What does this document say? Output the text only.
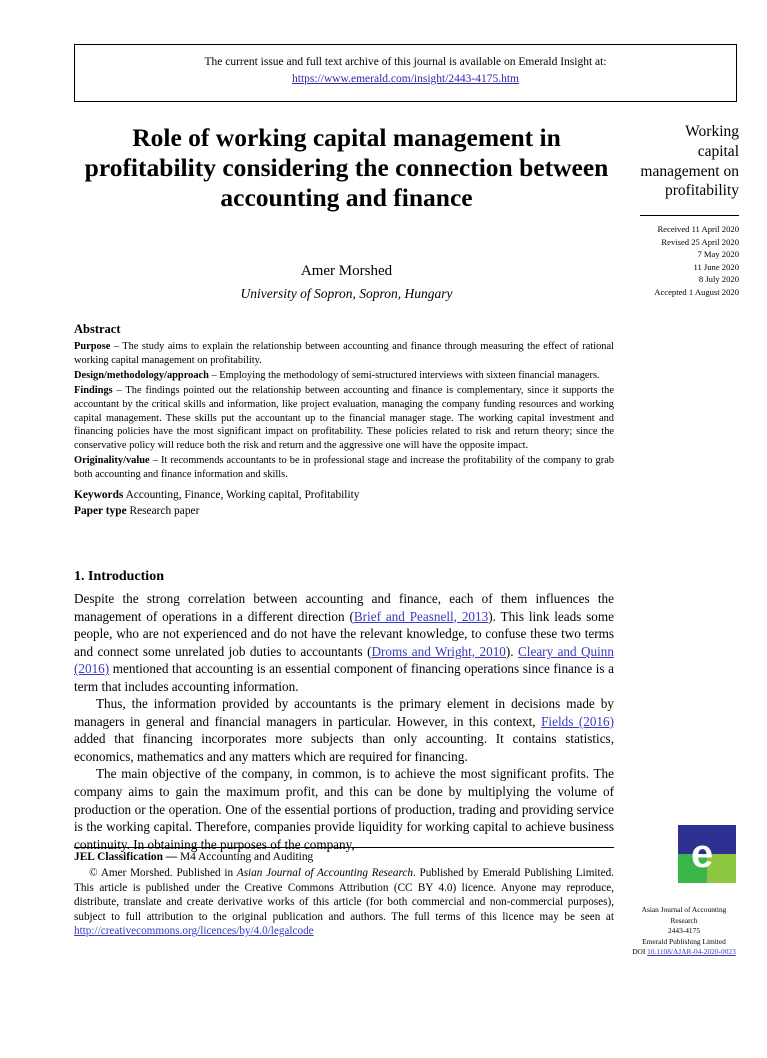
The current issue and full text archive of this journal is available on Emerald Insight at:
https://www.emerald.com/insight/2443-4175.htm
Role of working capital management in profitability considering the connection between accounting and finance
Amer Morshed
University of Sopron, Sopron, Hungary
Working capital management on profitability
Received 11 April 2020
Revised 25 April 2020
7 May 2020
11 June 2020
8 July 2020
Accepted 1 August 2020
Abstract

Purpose – The study aims to explain the relationship between accounting and finance through measuring the effect of rational working capital management on profitability.

Design/methodology/approach – Employing the methodology of semi-structured interviews with sixteen financial managers.

Findings – The findings pointed out the relationship between accounting and finance is complementary, since it supports the accountant by the critical skills and information, like project evaluation, managing the company funding resources and working capital management. These skills put the accountant up to the financial manager stage. The working capital investment and financing policies have the most significant impact on profitability. These policies related to risk and return theory; since the conservative policy will reduce both the risk and return and the aggressive one will have the opposite impact.

Originality/value – It recommends accountants to be in professional stage and increase the profitability of the company to grab both accounting and finance information and skills.

Keywords Accounting, Finance, Working capital, Profitability
Paper type Research paper
1. Introduction

Despite the strong correlation between accounting and finance, each of them influences the management of operations in a different direction (Brief and Peasnell, 2013). This link leads some people, who are not experienced and do not have the relevant knowledge, to confuse these two terms and connect some unrelated job duties to accountants (Droms and Wright, 2010). Cleary and Quinn (2016) mentioned that accounting is an essential component of financing operations since finance is a term that includes accounting information.

Thus, the information provided by accountants is the primary element in decisions made by managers in general and financial managers in particular. However, in this context, Fields (2016) added that financing incorporates more subjects than only accounting. It contains statistics, economics, mathematics and any matters which are required for financing.

The main objective of the company, in common, is to achieve the most significant profits. The company aims to gain the maximum profit, and this can be done by multiplying the volume of production or the operation. One of the essential portions of production, trading and providing service is the working capital. Therefore, companies provide liquidity for working capital to achieve business continuity. In obtaining the purposes of the company,

JEL Classification — M4 Accounting and Auditing
© Amer Morshed. Published in Asian Journal of Accounting Research. Published by Emerald Publishing Limited. This article is published under the Creative Commons Attribution (CC BY 4.0) licence. Anyone may reproduce, distribute, translate and create derivative works of this article (for both commercial and non-commercial purposes), subject to full attribution to the original publication and authors. The full terms of this licence may be seen at http://creativecommons.org/licences/by/4.0/legalcode
e
Asian Journal of Accounting Research
2443-4175
Emerald Publishing Limited
DOI 10.1108/AJAR-04-2020-0023
